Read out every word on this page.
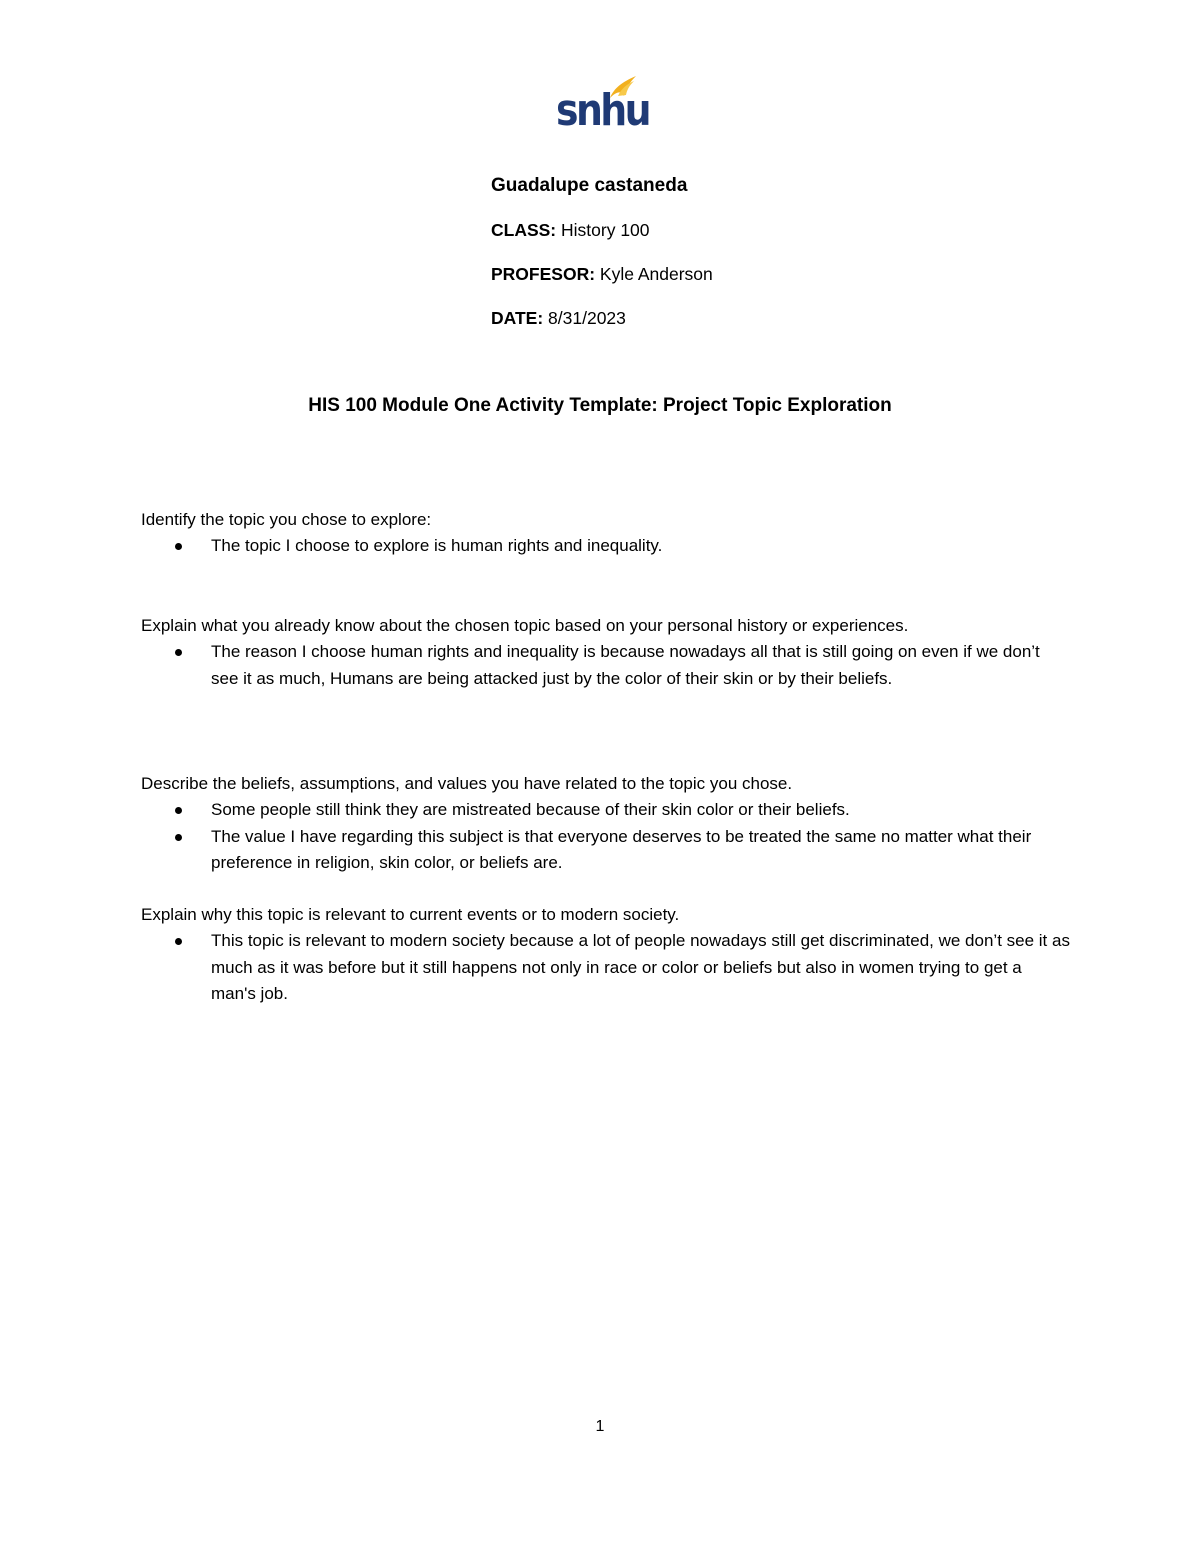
snhu

Guadalupe castaneda

CLASS: History 100

PROFESOR: Kyle Anderson

DATE: 8/31/2023

HIS 100 Module One Activity Template: Project Topic Exploration

Identify the topic you chose to explore:

The topic I choose to explore is human rights and inequality.

Explain what you already know about the chosen topic based on your personal history or experiences.

The reason I choose human rights and inequality is because nowadays all that is still going on even if we don’t see it as much, Humans are being attacked just by the color of their skin or by their beliefs.

Describe the beliefs, assumptions, and values you have related to the topic you chose.

Some people still think they are mistreated because of their skin color or their beliefs.
The value I have regarding this subject is that everyone deserves to be treated the same no matter what their preference in religion, skin color, or beliefs are.

Explain why this topic is relevant to current events or to modern society.

This topic is relevant to modern society because a lot of people nowadays still get discriminated, we don’t see it as much as it was before but it still happens not only in race or color or beliefs but also in women trying to get a man's job.
1
